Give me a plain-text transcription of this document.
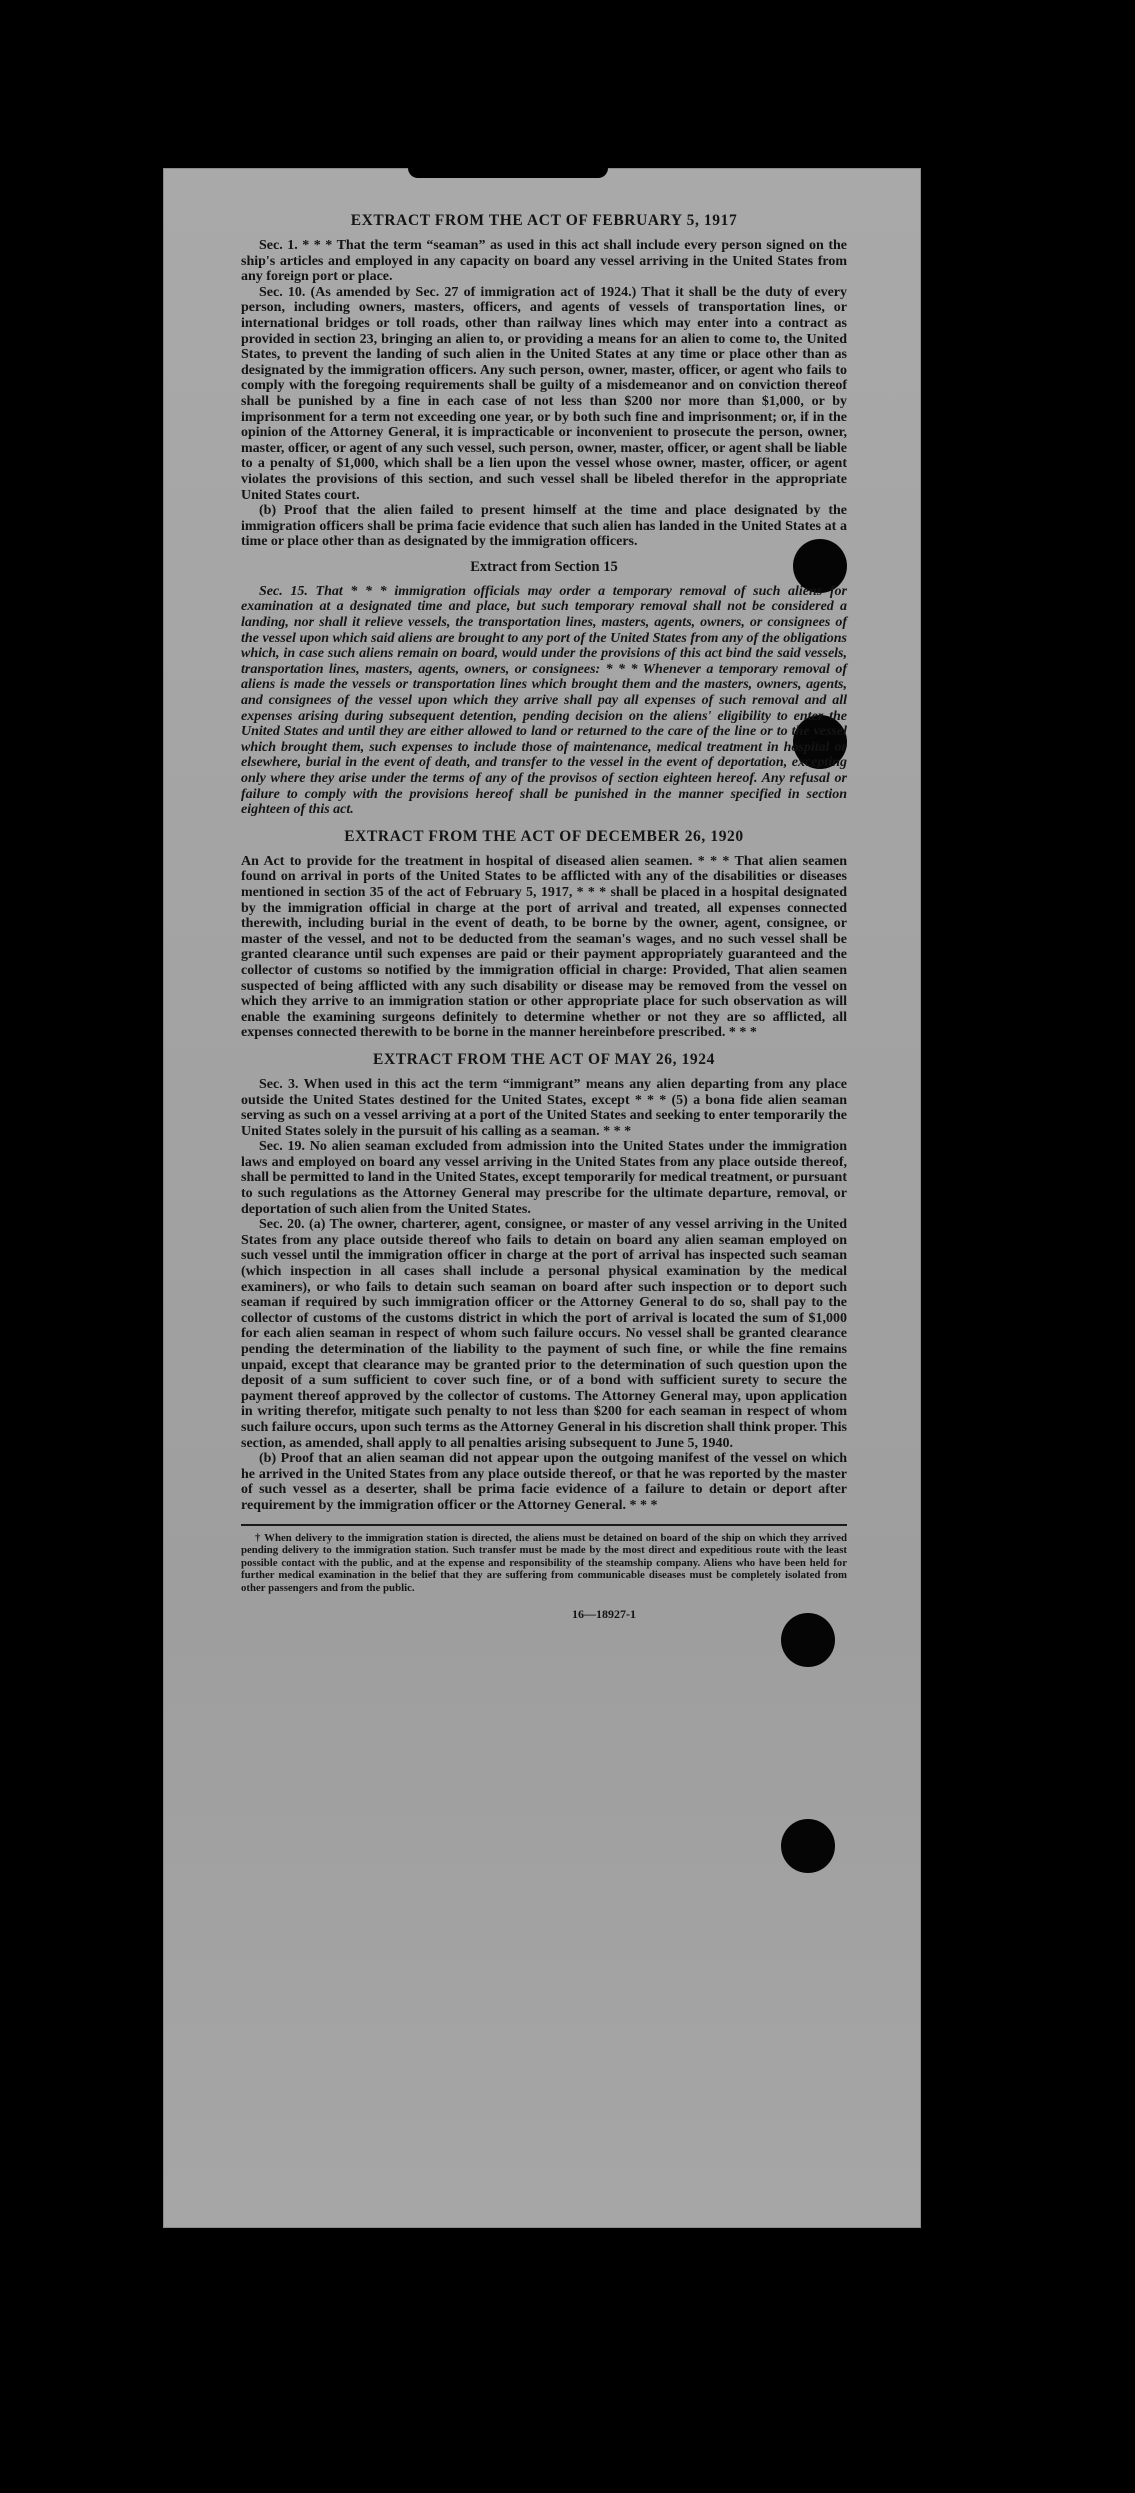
EXTRACT FROM THE ACT OF FEBRUARY 5, 1917

Sec. 1. * * * That the term “seaman” as used in this act shall include every person signed on the ship's articles and employed in any capacity on board any vessel arriving in the United States from any foreign port or place.

Sec. 10. (As amended by Sec. 27 of immigration act of 1924.) That it shall be the duty of every person, including owners, masters, officers, and agents of vessels of transportation lines, or international bridges or toll roads, other than railway lines which may enter into a contract as provided in section 23, bringing an alien to, or providing a means for an alien to come to, the United States, to prevent the landing of such alien in the United States at any time or place other than as designated by the immigration officers. Any such person, owner, master, officer, or agent who fails to comply with the foregoing requirements shall be guilty of a misdemeanor and on conviction thereof shall be punished by a fine in each case of not less than $200 nor more than $1,000, or by imprisonment for a term not exceeding one year, or by both such fine and imprisonment; or, if in the opinion of the Attorney General, it is impracticable or inconvenient to prosecute the person, owner, master, officer, or agent of any such vessel, such person, owner, master, officer, or agent shall be liable to a penalty of $1,000, which shall be a lien upon the vessel whose owner, master, officer, or agent violates the provisions of this section, and such vessel shall be libeled therefor in the appropriate United States court.

(b) Proof that the alien failed to present himself at the time and place designated by the immigration officers shall be prima facie evidence that such alien has landed in the United States at a time or place other than as designated by the immigration officers.

Extract from Section 15

Sec. 15. That * * * immigration officials may order a temporary removal of such aliens for examination at a designated time and place, but such temporary removal shall not be considered a landing, nor shall it relieve vessels, the transportation lines, masters, agents, owners, or consignees of the vessel upon which said aliens are brought to any port of the United States from any of the obligations which, in case such aliens remain on board, would under the provisions of this act bind the said vessels, transportation lines, masters, agents, owners, or consignees: * * * Whenever a temporary removal of aliens is made the vessels or transportation lines which brought them and the masters, owners, agents, and consignees of the vessel upon which they arrive shall pay all expenses of such removal and all expenses arising during subsequent detention, pending decision on the aliens' eligibility to enter the United States and until they are either allowed to land or returned to the care of the line or to the vessel which brought them, such expenses to include those of maintenance, medical treatment in hospital or elsewhere, burial in the event of death, and transfer to the vessel in the event of deportation, excepting only where they arise under the terms of any of the provisos of section eighteen hereof. Any refusal or failure to comply with the provisions hereof shall be punished in the manner specified in section eighteen of this act.

EXTRACT FROM THE ACT OF DECEMBER 26, 1920

An Act to provide for the treatment in hospital of diseased alien seamen. * * * That alien seamen found on arrival in ports of the United States to be afflicted with any of the disabilities or diseases mentioned in section 35 of the act of February 5, 1917, * * * shall be placed in a hospital designated by the immigration official in charge at the port of arrival and treated, all expenses connected therewith, including burial in the event of death, to be borne by the owner, agent, consignee, or master of the vessel, and not to be deducted from the seaman's wages, and no such vessel shall be granted clearance until such expenses are paid or their payment appropriately guaranteed and the collector of customs so notified by the immigration official in charge: Provided, That alien seamen suspected of being afflicted with any such disability or disease may be removed from the vessel on which they arrive to an immigration station or other appropriate place for such observation as will enable the examining surgeons definitely to determine whether or not they are so afflicted, all expenses connected therewith to be borne in the manner hereinbefore prescribed. * * *

EXTRACT FROM THE ACT OF MAY 26, 1924

Sec. 3. When used in this act the term “immigrant” means any alien departing from any place outside the United States destined for the United States, except * * * (5) a bona fide alien seaman serving as such on a vessel arriving at a port of the United States and seeking to enter temporarily the United States solely in the pursuit of his calling as a seaman. * * *

Sec. 19. No alien seaman excluded from admission into the United States under the immigration laws and employed on board any vessel arriving in the United States from any place outside thereof, shall be permitted to land in the United States, except temporarily for medical treatment, or pursuant to such regulations as the Attorney General may prescribe for the ultimate departure, removal, or deportation of such alien from the United States.

Sec. 20. (a) The owner, charterer, agent, consignee, or master of any vessel arriving in the United States from any place outside thereof who fails to detain on board any alien seaman employed on such vessel until the immigration officer in charge at the port of arrival has inspected such seaman (which inspection in all cases shall include a personal physical examination by the medical examiners), or who fails to detain such seaman on board after such inspection or to deport such seaman if required by such immigration officer or the Attorney General to do so, shall pay to the collector of customs of the customs district in which the port of arrival is located the sum of $1,000 for each alien seaman in respect of whom such failure occurs. No vessel shall be granted clearance pending the determination of the liability to the payment of such fine, or while the fine remains unpaid, except that clearance may be granted prior to the determination of such question upon the deposit of a sum sufficient to cover such fine, or of a bond with sufficient surety to secure the payment thereof approved by the collector of customs. The Attorney General may, upon application in writing therefor, mitigate such penalty to not less than $200 for each seaman in respect of whom such failure occurs, upon such terms as the Attorney General in his discretion shall think proper. This section, as amended, shall apply to all penalties arising subsequent to June 5, 1940.

(b) Proof that an alien seaman did not appear upon the outgoing manifest of the vessel on which he arrived in the United States from any place outside thereof, or that he was reported by the master of such vessel as a deserter, shall be prima facie evidence of a failure to detain or deport after requirement by the immigration officer or the Attorney General. * * *

† When delivery to the immigration station is directed, the aliens must be detained on board of the ship on which they arrived pending delivery to the immigration station. Such transfer must be made by the most direct and expeditious route with the least possible contact with the public, and at the expense and responsibility of the steamship company. Aliens who have been held for further medical examination in the belief that they are suffering from communicable diseases must be completely isolated from other passengers and from the public.

16—18927-1
